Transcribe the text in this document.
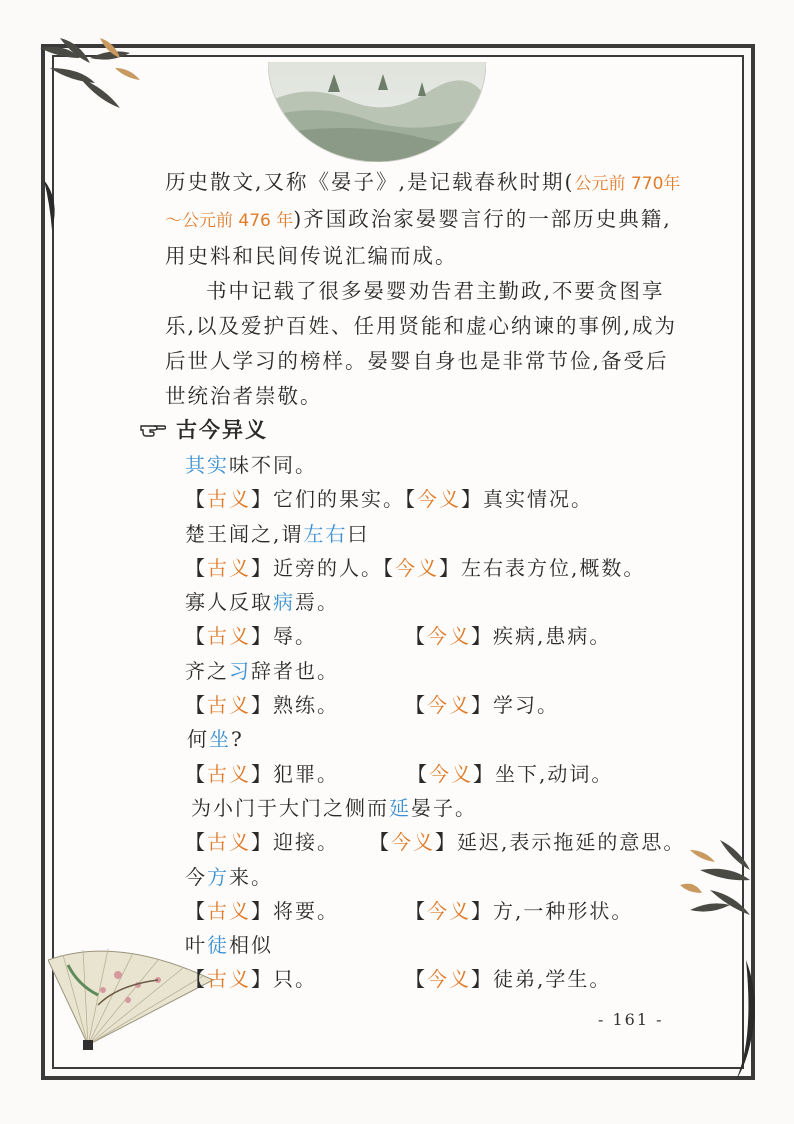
历史散文,又称《晏子》,是记载春秋时期(公元前 770年～公元前 476 年)齐国政治家晏婴言行的一部历史典籍,用史料和民间传说汇编而成。

书中记载了很多晏婴劝告君主勤政,不要贪图享乐,以及爱护百姓、任用贤能和虚心纳谏的事例,成为后世人学习的榜样。晏婴自身也是非常节俭,备受后世统治者崇敬。

古今异义
其实味不同。
【古义】它们的果实。【今义】真实情况。
楚王闻之,谓左右曰
【古义】近旁的人。【今义】左右表方位,概数。
寡人反取病焉。
【古义】辱。	【今义】疾病,患病。
齐之习辞者也。
【古义】熟练。	【今义】学习。
何坐?
【古义】犯罪。	【今义】坐下,动词。
为小门于大门之侧而延晏子。
【古义】迎接。 【今义】延迟,表示拖延的意思。
今方来。
【古义】将要。	【今义】方,一种形状。
叶徒相似
【古义】只。	【今义】徒弟,学生。
- 161 -
